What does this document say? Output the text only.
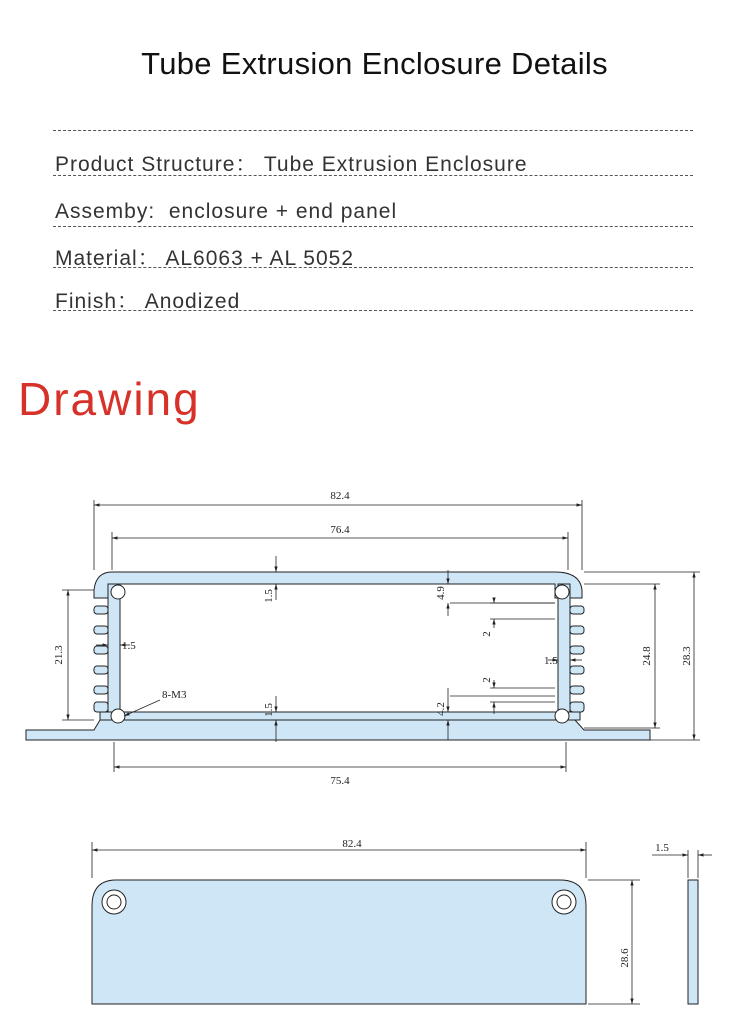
Tube Extrusion Enclosure Details
Product Structure： Tube Extrusion Enclosure
Assemby:  enclosure + end panel
Material： AL6063 + AL 5052
Finish： Anodized
Drawing
82.4
76.4
75.4
21.3	24.8	28.3
1.5
1.5
1.5
1.5
4.9
2
2
4.2
8-M3
82.4
28.6
1.5
